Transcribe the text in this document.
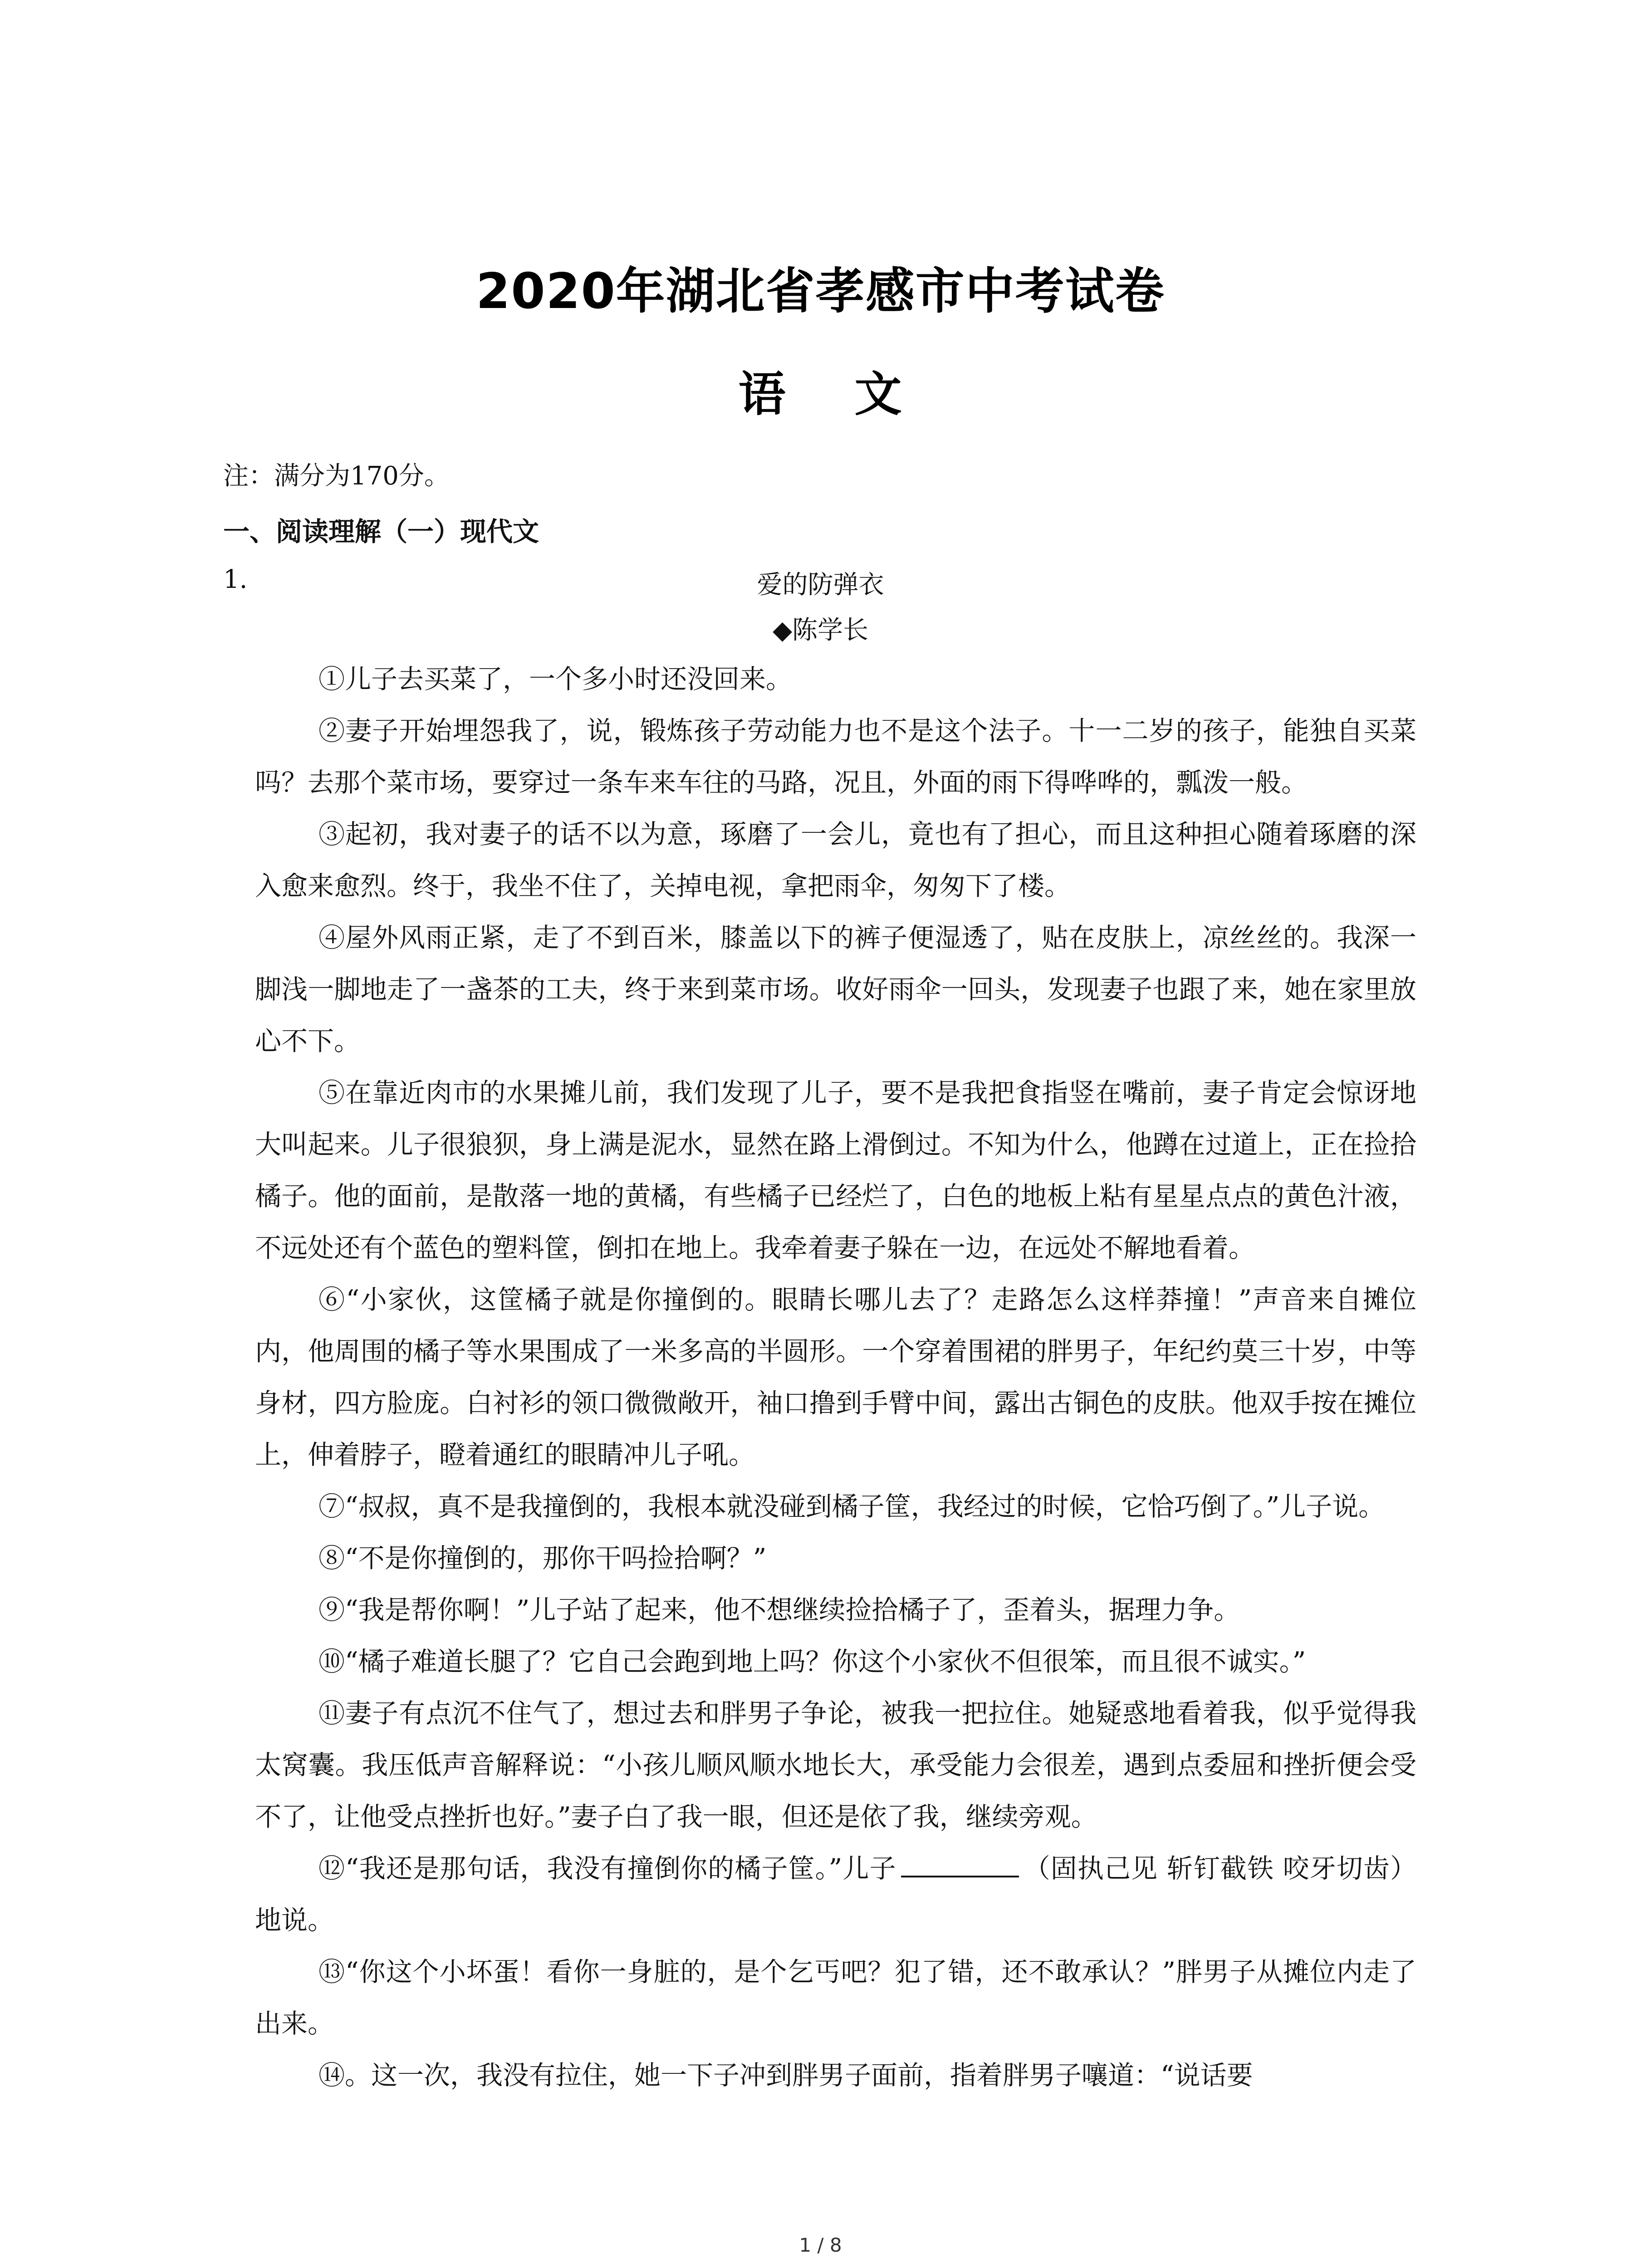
2020年湖北省孝感市中考试卷
语 文
注：满分为170分。
一、阅读理解（一）现代文
1.	爱的防弹衣
◆陈学长

①儿子去买菜了，一个多小时还没回来。

②妻子开始埋怨我了，说，锻炼孩子劳动能力也不是这个法子。十一二岁的孩子，能独自买菜吗？去那个菜市场，要穿过一条车来车往的马路，况且，外面的雨下得哗哗的，瓢泼一般。

③起初，我对妻子的话不以为意，琢磨了一会儿，竟也有了担心，而且这种担心随着琢磨的深入愈来愈烈。终于，我坐不住了，关掉电视，拿把雨伞，匆匆下了楼。

④屋外风雨正紧，走了不到百米，膝盖以下的裤子便湿透了，贴在皮肤上，凉丝丝的。我深一脚浅一脚地走了一盏茶的工夫，终于来到菜市场。收好雨伞一回头，发现妻子也跟了来，她在家里放心不下。

⑤在靠近肉市的水果摊儿前，我们发现了儿子，要不是我把食指竖在嘴前，妻子肯定会惊讶地大叫起来。儿子很狼狈，身上满是泥水，显然在路上滑倒过。不知为什么，他蹲在过道上，正在捡拾橘子。他的面前，是散落一地的黄橘，有些橘子已经烂了，白色的地板上粘有星星点点的黄色汁液，不远处还有个蓝色的塑料筐，倒扣在地上。我牵着妻子躲在一边，在远处不解地看着。

⑥“小家伙，这筐橘子就是你撞倒的。眼睛长哪儿去了？走路怎么这样莽撞！”声音来自摊位内，他周围的橘子等水果围成了一米多高的半圆形。一个穿着围裙的胖男子，年纪约莫三十岁，中等身材，四方脸庞。白衬衫的领口微微敞开，袖口撸到手臂中间，露出古铜色的皮肤。他双手按在摊位上，伸着脖子，瞪着通红的眼睛冲儿子吼。

⑦“叔叔，真不是我撞倒的，我根本就没碰到橘子筐，我经过的时候，它恰巧倒了。”儿子说。

⑧“不是你撞倒的，那你干吗捡拾啊？”

⑨“我是帮你啊！”儿子站了起来，他不想继续捡拾橘子了，歪着头，据理力争。

⑩“橘子难道长腿了？它自己会跑到地上吗？你这个小家伙不但很笨，而且很不诚实。”

⑪妻子有点沉不住气了，想过去和胖男子争论，被我一把拉住。她疑惑地看着我，似乎觉得我太窝囊。我压低声音解释说：“小孩儿顺风顺水地长大，承受能力会很差，遇到点委屈和挫折便会受不了，让他受点挫折也好。”妻子白了我一眼，但还是依了我，继续旁观。

⑫“我还是那句话，我没有撞倒你的橘子筐。”儿子	（固执己见 斩钉截铁 咬牙切齿）地说。

⑬“你这个小坏蛋！看你一身脏的，是个乞丐吧？犯了错，还不敢承认？”胖男子从摊位内走了出来。

⑭。这一次，我没有拉住，她一下子冲到胖男子面前，指着胖男子嚷道：“说话要

1 / 8
